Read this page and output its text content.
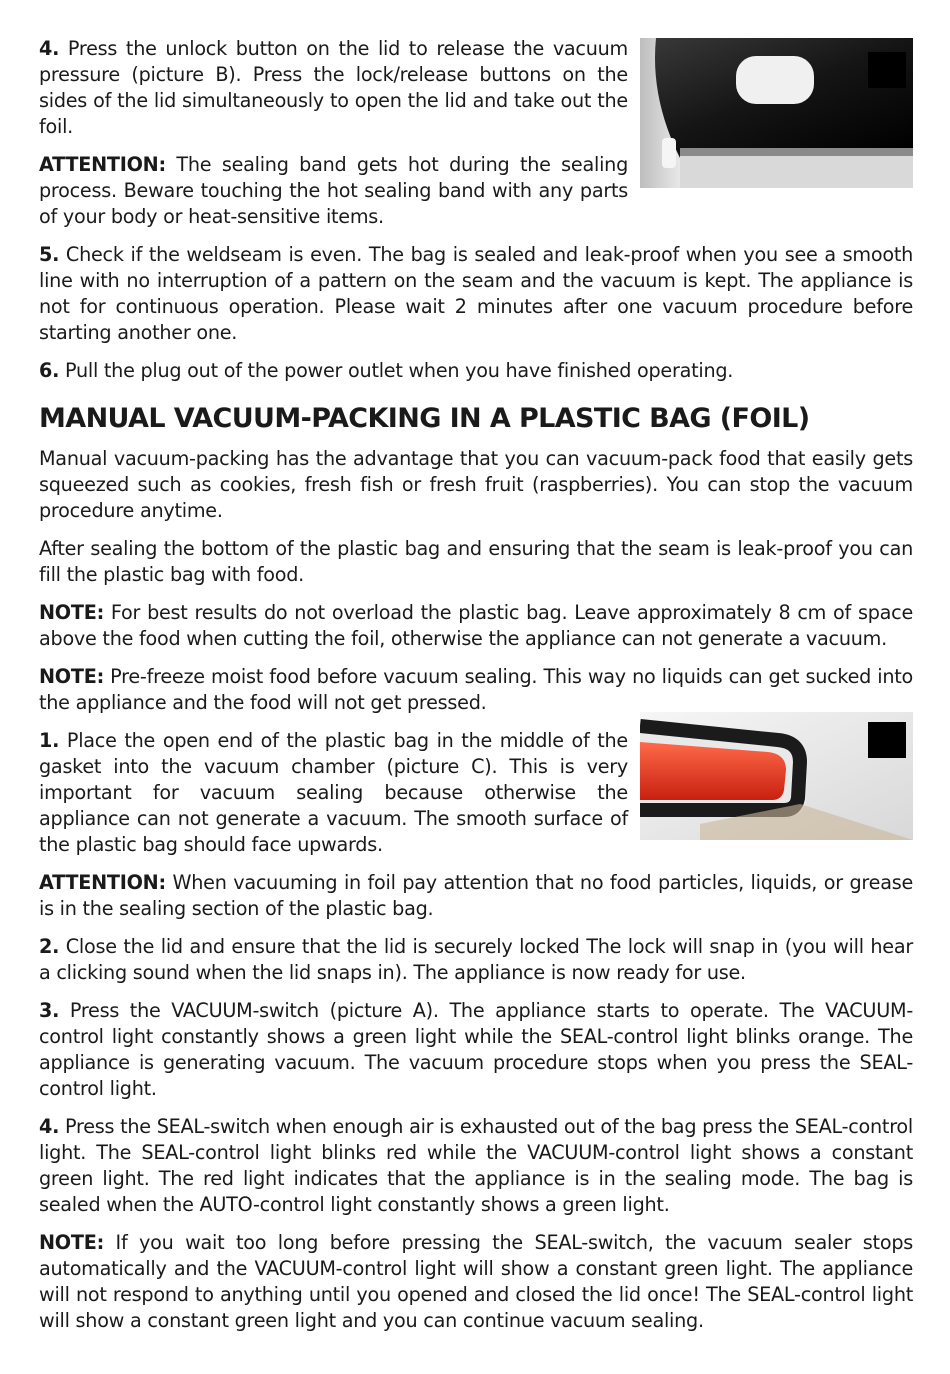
4. Press the unlock button on the lid to release the vacuum pressure (picture B). Press the lock/release buttons on the sides of the lid simultaneously to open the lid and take out the foil.

ATTENTION: The sealing band gets hot during the sealing process. Beware touching the hot sealing band with any parts of your body or heat-sensitive items.

5. Check if the weldseam is even. The bag is sealed and leak-proof when you see a smooth line with no interruption of a pattern on the seam and the vacuum is kept. The appliance is not for continuous operation. Please wait 2 minutes after one vacuum procedure before starting another one.

6. Pull the plug out of the power outlet when you have finished operating.

MANUAL VACUUM-PACKING IN A PLASTIC BAG (FOIL)

Manual vacuum-packing has the advantage that you can vacuum-pack food that easily gets squeezed such as cookies, fresh fish or fresh fruit (raspberries). You can stop the vacuum procedure anytime.

After sealing the bottom of the plastic bag and ensuring that the seam is leak-proof you can fill the plastic bag with food.

NOTE: For best results do not overload the plastic bag. Leave approximately 8 cm of space above the food when cutting the foil, otherwise the appliance can not generate a vacuum.

NOTE: Pre-freeze moist food before vacuum sealing. This way no liquids can get sucked into the appliance and the food will not get pressed.

1. Place the open end of the plastic bag in the middle of the gasket into the vacuum chamber (picture C). This is very important for vacuum sealing because otherwise the appliance can not generate a vacuum. The smooth surface of the plastic bag should face upwards.

ATTENTION: When vacuuming in foil pay attention that no food particles, liquids, or grease is in the sealing section of the plastic bag.

2. Close the lid and ensure that the lid is securely locked The lock will snap in (you will hear a clicking sound when the lid snaps in). The appliance is now ready for use.

3. Press the VACUUM-switch (picture A). The appliance starts to operate. The VACUUM-control light constantly shows a green light while the SEAL-control light blinks orange. The appliance is generating vacuum. The vacuum procedure stops when you press the SEAL-control light.

4. Press the SEAL-switch when enough air is exhausted out of the bag press the SEAL-control light. The SEAL-control light blinks red while the VACUUM-control light shows a constant green light. The red light indicates that the appliance is in the sealing mode. The bag is sealed when the AUTO-control light constantly shows a green light.

NOTE: If you wait too long before pressing the SEAL-switch, the vacuum sealer stops automatically and the VACUUM-control light will show a constant green light. The appliance will not respond to anything until you opened and closed the lid once! The SEAL-control light will show a constant green light and you can continue vacuum sealing.
